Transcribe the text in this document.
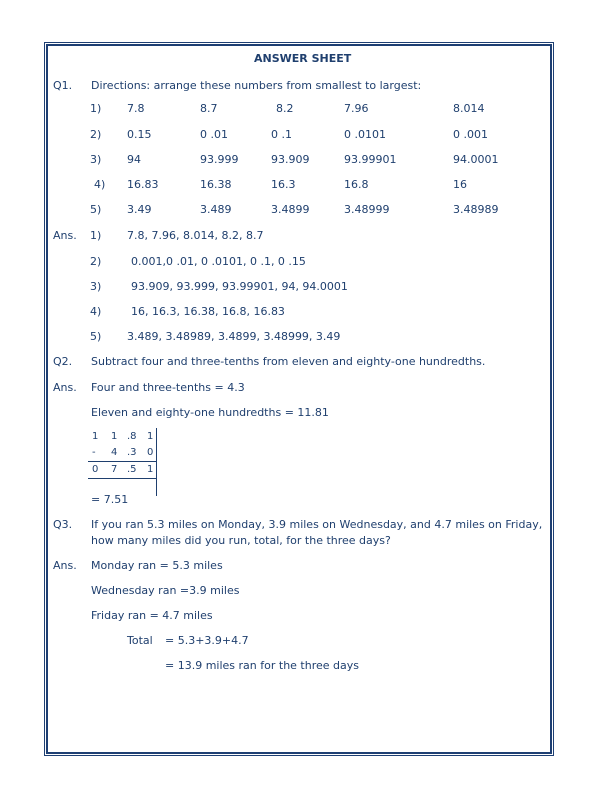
ANSWER SHEET
Q1. Directions: arrange these numbers from smallest to largest:
1) 7.8	8.7	8.2	7.96	8.014
2) 0.15	0 .01	0 .1	0 .0101	0 .001
3) 94	93.999	93.909	93.99901	94.0001
4) 16.83	16.38	16.3	16.8	16
5) 3.49	3.489	3.4899	3.48999	3.48989
Ans. 1) 7.8, 7.96, 8.014, 8.2, 8.7
2)	0.001,0 .01, 0 .0101, 0 .1, 0 .15
3)	93.909, 93.999, 93.99901, 94, 94.0001
4)	16, 16.3, 16.38, 16.8, 16.83
5) 3.489, 3.48989, 3.4899, 3.48999, 3.49
Q2. Subtract four and three-tenths from eleven and eighty-one hundredths.
Ans. Four and three-tenths = 4.3
Eleven and eighty-one hundredths = 11.81
1 1 .8 1
- 4 .3 0
0 7 .5 1
= 7.51
Q3. If you ran 5.3 miles on Monday, 3.9 miles on Wednesday, and 4.7 miles on Friday,
how many miles did you run, total, for the three days?
Ans. Monday ran = 5.3 miles
Wednesday ran =3.9 miles
Friday ran = 4.7 miles
Total = 5.3+3.9+4.7
= 13.9 miles ran for the three days
